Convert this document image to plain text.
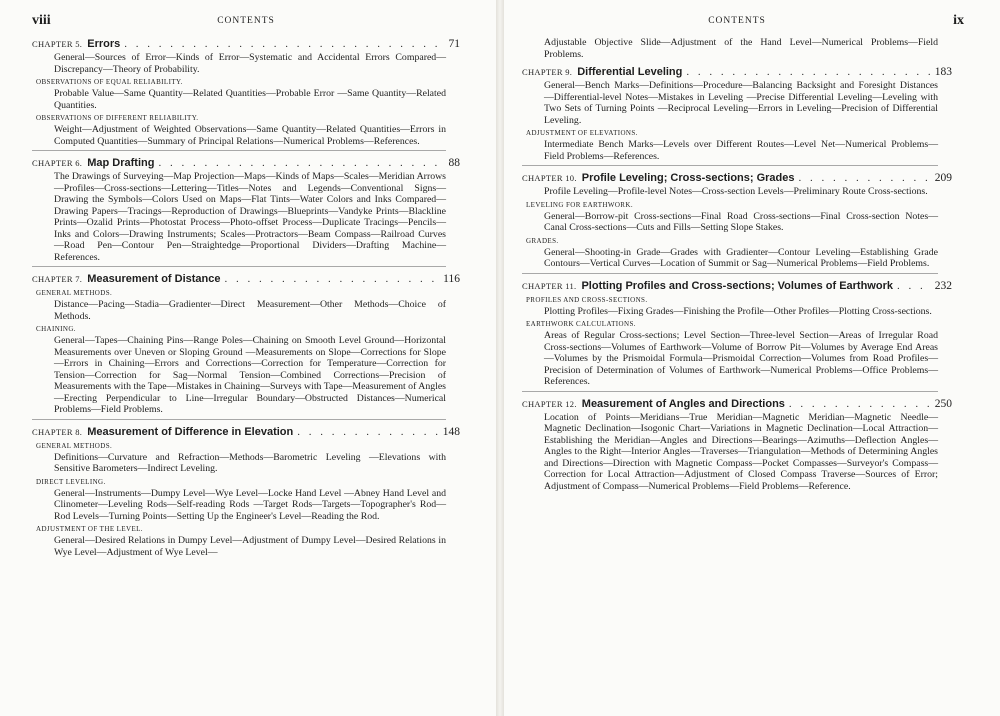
viii	CONTENTS
CHAPTER 5. Errors . . .	71
General—Sources of Error—Kinds of Error—Systematic and Accidental Errors Compared—Discrepancy—Theory of Probability.
OBSERVATIONS OF EQUAL RELIABILITY.
Probable Value—Same Quantity—Related Quantities—Probable Error —Same Quantity—Related Quantities.
OBSERVATIONS OF DIFFERENT RELIABILITY.
Weight—Adjustment of Weighted Observations—Same Quantity—Related Quantities—Errors in Computed Quantities—Summary of Principal Relations—Numerical Problems—References.
CHAPTER 6. Map Drafting . . .	88
The Drawings of Surveying—Map Projection—Maps—Kinds of Maps—Scales—Meridian Arrows—Profiles—Cross-sections—Lettering—Titles—Notes and Legends—Conventional Signs—Drawing the Symbols—Colors Used on Maps—Flat Tints—Water Colors and Inks Compared—Drawing Papers—Tracings—Reproduction of Drawings—Blueprints—Vandyke Prints—Blackline Prints—Ozalid Prints—Photostat Process—Photo-offset Process—Duplicate Tracings—Pencils—Inks and Colors—Drawing Instruments; Scales—Protractors—Beam Compass—Railroad Curves —Road Pen—Contour Pen—Straightedge—Proportional Dividers—Drafting Machine—References.
CHAPTER 7. Measurement of Distance . . .	116
GENERAL METHODS.
Distance—Pacing—Stadia—Gradienter—Direct Measurement—Other Methods—Choice of Methods.
CHAINING.
General—Tapes—Chaining Pins—Range Poles—Chaining on Smooth Level Ground—Horizontal Measurements over Uneven or Sloping Ground —Measurements on Slope—Corrections for Slope—Errors in Chaining—Errors and Corrections—Correction for Temperature—Correction for Tension—Correction for Sag—Normal Tension—Combined Corrections—Precision of Measurements with the Tape—Mistakes in Chaining—Surveys with Tape—Measurement of Angles—Erecting Perpendicular to Line—Irregular Boundary—Obstructed Distances—Numerical Problems—Field Problems.
CHAPTER 8. Measurement of Difference in Elevation . . .	148
GENERAL METHODS.
Definitions—Curvature and Refraction—Methods—Barometric Leveling —Elevations with Sensitive Barometers—Indirect Leveling.
DIRECT LEVELING.
General—Instruments—Dumpy Level—Wye Level—Locke Hand Level —Abney Hand Level and Clinometer—Leveling Rods—Self-reading Rods —Target Rods—Targets—Topographer's Rod—Rod Levels—Turning Points—Setting Up the Engineer's Level—Reading the Rod.
ADJUSTMENT OF THE LEVEL.
General—Desired Relations in Dumpy Level—Adjustment of Dumpy Level—Desired Relations in Wye Level—Adjustment of Wye Level—
CONTENTS	ix
Adjustable Objective Slide—Adjustment of the Hand Level—Numerical Problems—Field Problems.
CHAPTER 9. Differential Leveling . . .	183
General—Bench Marks—Definitions—Procedure—Balancing Backsight and Foresight Distances—Differential-level Notes—Mistakes in Leveling —Precise Differential Leveling—Leveling with Two Sets of Turning Points —Reciprocal Leveling—Errors in Leveling—Precision of Differential Leveling.
ADJUSTMENT OF ELEVATIONS.
Intermediate Bench Marks—Levels over Different Routes—Level Net—Numerical Problems—Field Problems—References.
CHAPTER 10. Profile Leveling; Cross-sections; Grades . . .	209
Profile Leveling—Profile-level Notes—Cross-section Levels—Preliminary Route Cross-sections.
LEVELING FOR EARTHWORK.
General—Borrow-pit Cross-sections—Final Road Cross-sections—Final Cross-section Notes—Canal Cross-sections—Cuts and Fills—Setting Slope Stakes.
GRADES.
General—Shooting-in Grade—Grades with Gradienter—Contour Leveling—Establishing Grade Contours—Vertical Curves—Location of Summit or Sag—Numerical Problems—Field Problems.
CHAPTER 11. Plotting Profiles and Cross-sections; Volumes of Earthwork . . .	232
PROFILES AND CROSS-SECTIONS.
Plotting Profiles—Fixing Grades—Finishing the Profile—Other Profiles—Plotting Cross-sections.
EARTHWORK CALCULATIONS.
Areas of Regular Cross-sections; Level Section—Three-level Section—Areas of Irregular Road Cross-sections—Volumes of Earthwork—Volume of Borrow Pit—Volumes by Average End Areas—Volumes by the Prismoidal Formula—Prismoidal Correction—Volumes from Road Profiles—Precision of Determination of Volumes of Earthwork—Numerical Problems—Office Problems—References.
CHAPTER 12. Measurement of Angles and Directions . . .	250
Location of Points—Meridians—True Meridian—Magnetic Meridian—Magnetic Needle—Magnetic Declination—Isogonic Chart—Variations in Magnetic Declination—Local Attraction—Establishing the Meridian—Angles and Directions—Bearings—Azimuths—Deflection Angles—Angles to the Right—Interior Angles—Traverses—Triangulation—Methods of Determining Angles and Directions—Direction with Magnetic Compass—Pocket Compasses—Surveyor's Compass—Correction for Local Attraction—Adjustment of Closed Compass Traverse—Sources of Error; Adjustment of Compass—Numerical Problems—Field Problems—Reference.
